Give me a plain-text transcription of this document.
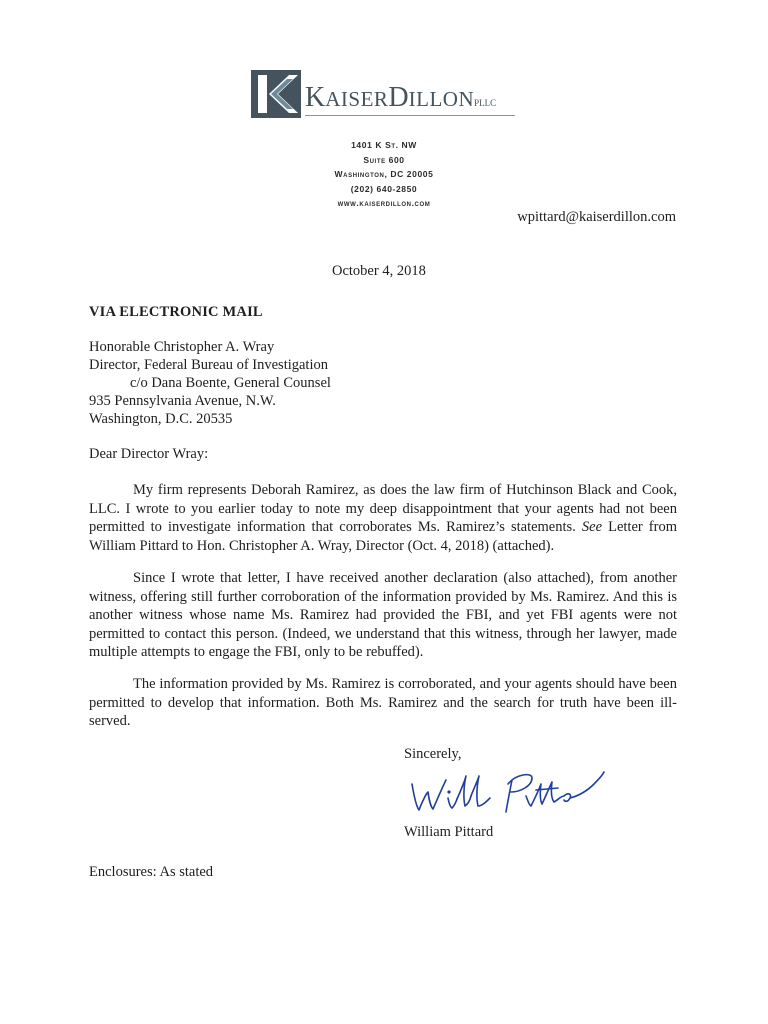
KAISERDILLONPLLC
1401 K St. NW
Suite 600
Washington, DC 20005
(202) 640-2850
www.kaiserdillon.com
wpittard@kaiserdillon.com
October 4, 2018
VIA ELECTRONIC MAIL
Honorable Christopher A. Wray
Director, Federal Bureau of Investigation
c/o Dana Boente, General Counsel
935 Pennsylvania Avenue, N.W.
Washington, D.C. 20535
Dear Director Wray:
My firm represents Deborah Ramirez, as does the law firm of Hutchinson Black and Cook, LLC. I wrote to you earlier today to note my deep disappointment that your agents had not been permitted to investigate information that corroborates Ms. Ramirez’s statements. See Letter from William Pittard to Hon. Christopher A. Wray, Director (Oct. 4, 2018) (attached).
Since I wrote that letter, I have received another declaration (also attached), from another witness, offering still further corroboration of the information provided by Ms. Ramirez. And this is another witness whose name Ms. Ramirez had provided the FBI, and yet FBI agents were not permitted to contact this person. (Indeed, we understand that this witness, through her lawyer, made multiple attempts to engage the FBI, only to be rebuffed).
The information provided by Ms. Ramirez is corroborated, and your agents should have been permitted to develop that information. Both Ms. Ramirez and the search for truth have been ill-served.
Sincerely,
William Pittard
Enclosures: As stated
